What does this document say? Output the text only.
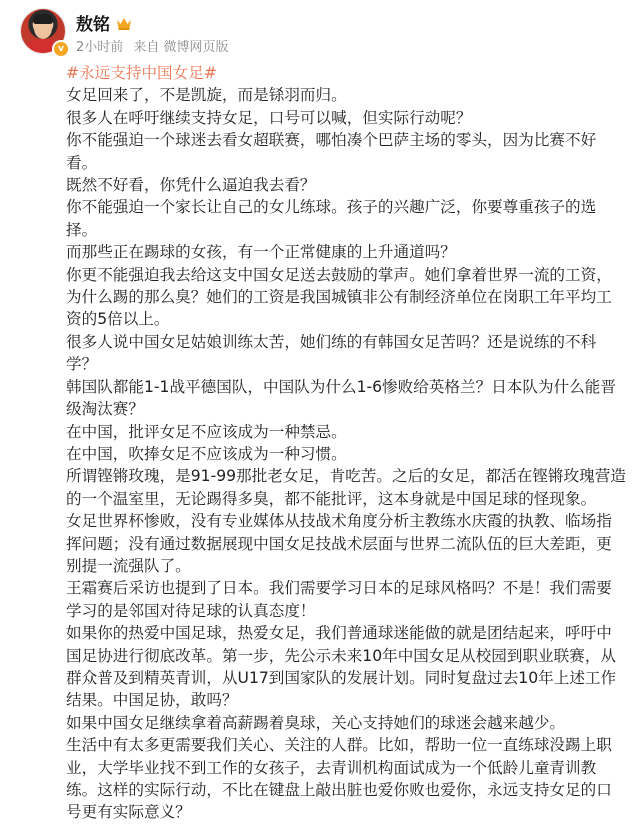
v
敖铭
2小时前 来自 微博网页版
#永远支持中国女足#
女足回来了，不是凯旋，而是铩羽而归。
很多人在呼吁继续支持女足，口号可以喊，但实际行动呢？
你不能强迫一个球迷去看女超联赛，哪怕凑个巴萨主场的零头，因为比赛不好看。
既然不好看，你凭什么逼迫我去看？
你不能强迫一个家长让自己的女儿练球。孩子的兴趣广泛，你要尊重孩子的选择。
而那些正在踢球的女孩，有一个正常健康的上升通道吗？
你更不能强迫我去给这支中国女足送去鼓励的掌声。她们拿着世界一流的工资，为什么踢的那么臭？她们的工资是我国城镇非公有制经济单位在岗职工年平均工资的5倍以上。
很多人说中国女足姑娘训练太苦，她们练的有韩国女足苦吗？还是说练的不科学？
韩国队都能1-1战平德国队，中国队为什么1-6惨败给英格兰？日本队为什么能晋级淘汰赛？
在中国，批评女足不应该成为一种禁忌。
在中国，吹捧女足不应该成为一种习惯。
所谓铿锵玫瑰，是91-99那批老女足，肯吃苦。之后的女足，都活在铿锵玫瑰营造的一个温室里，无论踢得多臭，都不能批评，这本身就是中国足球的怪现象。
女足世界杯惨败，没有专业媒体从技战术角度分析主教练水庆霞的执教、临场指挥问题；没有通过数据展现中国女足技战术层面与世界二流队伍的巨大差距，更别提一流强队了。
王霜赛后采访也提到了日本。我们需要学习日本的足球风格吗？不是！我们需要学习的是邻国对待足球的认真态度！
如果你的热爱中国足球，热爱女足，我们普通球迷能做的就是团结起来，呼吁中国足协进行彻底改革。第一步，先公示未来10年中国女足从校园到职业联赛，从群众普及到精英青训，从U17到国家队的发展计划。同时复盘过去10年上述工作结果。中国足协，敢吗？
如果中国女足继续拿着高薪踢着臭球，关心支持她们的球迷会越来越少。
生活中有太多更需要我们关心、关注的人群。比如，帮助一位一直练球没踢上职业，大学毕业找不到工作的女孩子，去青训机构面试成为一个低龄儿童青训教练。这样的实际行动，不比在键盘上敲出脏也爱你败也爱你，永远支持女足的口号更有实际意义？
